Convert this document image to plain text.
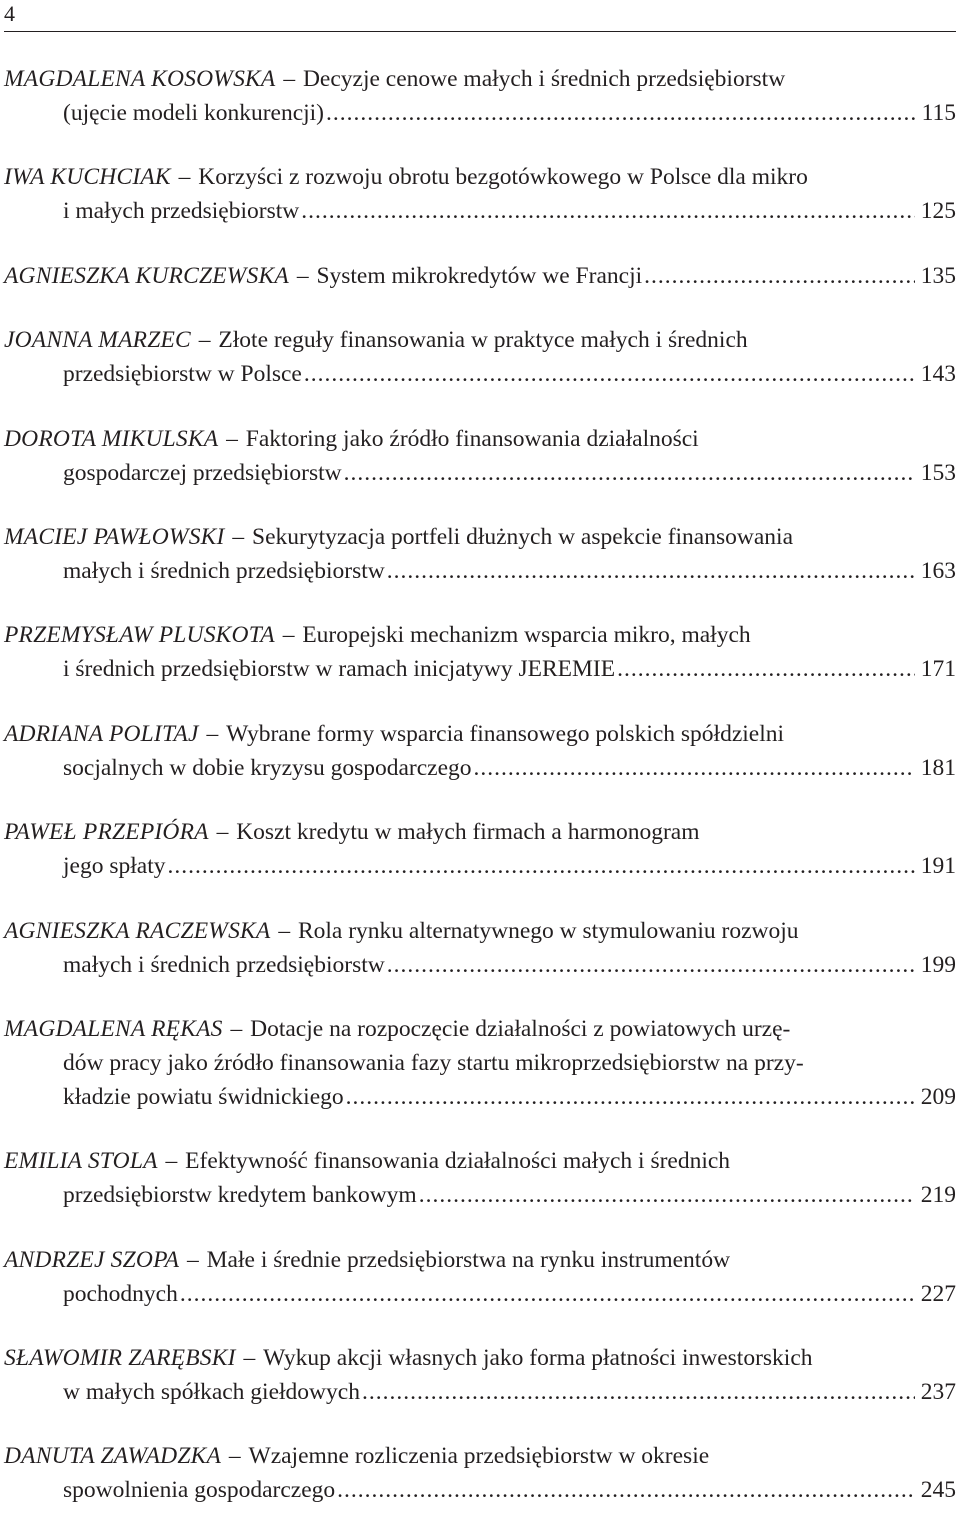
4
MAGDALENA KOSOWSKA – Decyzje cenowe małych i średnich przedsiębiorstw
(ujęcie modeli konkurencji) .....	115
IWA KUCHCIAK – Korzyści z rozwoju obrotu bezgotówkowego w Polsce dla mikro
i małych przedsiębiorstw .....	125
AGNIESZKA KURCZEWSKA – System mikrokredytów we Francji .....	135
JOANNA MARZEC – Złote reguły finansowania w praktyce małych i średnich
przedsiębiorstw w Polsce .....	143
DOROTA MIKULSKA – Faktoring jako źródło finansowania działalności
gospodarczej przedsiębiorstw .....	153
MACIEJ PAWŁOWSKI – Sekurytyzacja portfeli dłużnych w aspekcie finansowania
małych i średnich przedsiębiorstw .....	163
PRZEMYSŁAW PLUSKOTA – Europejski mechanizm wsparcia mikro, małych
i średnich przedsiębiorstw w ramach inicjatywy JEREMIE .....	171
ADRIANA POLITAJ – Wybrane formy wsparcia finansowego polskich spółdzielni
socjalnych w dobie kryzysu gospodarczego .....	181
PAWEŁ PRZEPIÓRA – Koszt kredytu w małych firmach a harmonogram
jego spłaty .....	191
AGNIESZKA RACZEWSKA – Rola rynku alternatywnego w stymulowaniu rozwoju
małych i średnich przedsiębiorstw .....	199
MAGDALENA RĘKAS – Dotacje na rozpoczęcie działalności z powiatowych urzę-
dów pracy jako źródło finansowania fazy startu mikroprzedsiębiorstw na przy-
kładzie powiatu świdnickiego .....	209
EMILIA STOLA – Efektywność finansowania działalności małych i średnich
przedsiębiorstw kredytem bankowym .....	219
ANDRZEJ SZOPA – Małe i średnie przedsiębiorstwa na rynku instrumentów
pochodnych .....	227
SŁAWOMIR ZARĘBSKI – Wykup akcji własnych jako forma płatności inwestorskich
w małych spółkach giełdowych .....	237
DANUTA ZAWADZKA – Wzajemne rozliczenia przedsiębiorstw w okresie
spowolnienia gospodarczego .....	245
